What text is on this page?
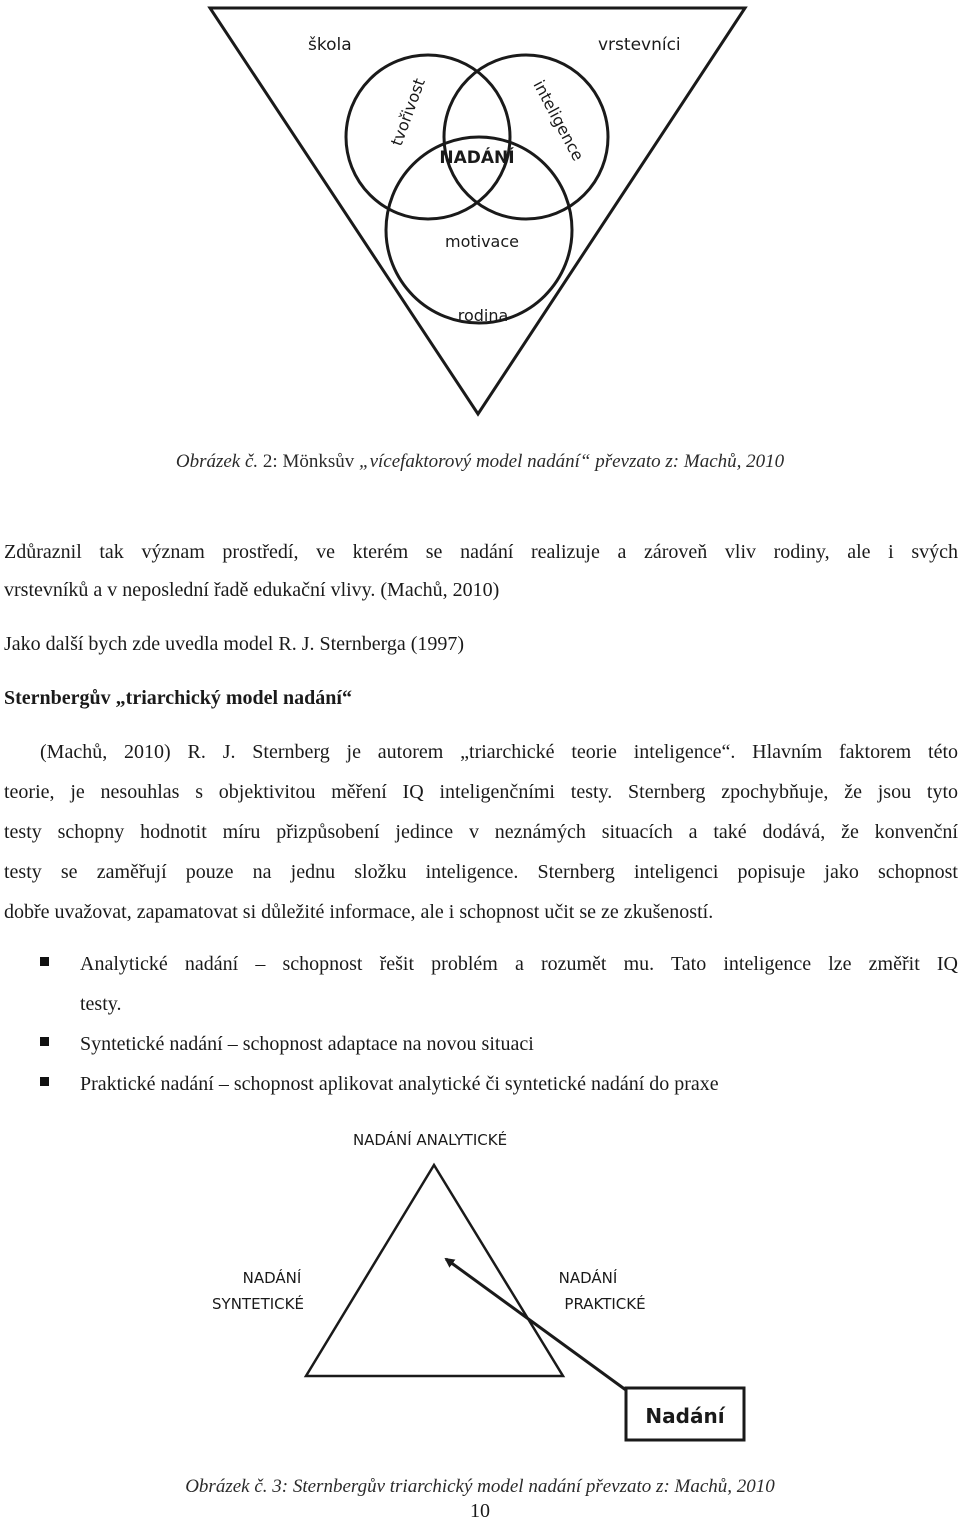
škola	vrstevníci
tvořivost	inteligence
NADÁNÍ
motivace
rodina
Obrázek č. 2: Mönksův „vícefaktorový model nadání“ převzato z: Machů, 2010
Zdůraznil tak význam prostředí, ve kterém se nadání realizuje a zároveň vliv rodiny, ale i svých
vrstevníků a v neposlední řadě edukační vlivy. (Machů, 2010)
Jako další bych zde uvedla model R. J. Sternberga (1997)
Sternbergův „triarchický model nadání“
(Machů, 2010) R. J. Sternberg je autorem „triarchické teorie inteligence“. Hlavním faktorem této
teorie, je nesouhlas s objektivitou měření IQ inteligenčními testy. Sternberg zpochybňuje, že jsou tyto
testy schopny hodnotit míru přizpůsobení jedince v neznámých situacích a také dodává, že konvenční
testy se zaměřují pouze na jednu složku inteligence. Sternberg inteligenci popisuje jako schopnost
dobře uvažovat, zapamatovat si důležité informace, ale i schopnost učit se ze zkušeností.
Analytické nadání – schopnost řešit problém a rozumět mu. Tato inteligence lze změřit IQ
testy.
Syntetické nadání – schopnost adaptace na novou situaci
Praktické nadání – schopnost aplikovat analytické či syntetické nadání do praxe
NADÁNÍ ANALYTICKÉ
NADÁNÍ
SYNTETICKÉ
NADÁNÍ
PRAKTICKÉ
Nadání
Obrázek č. 3: Sternbergův triarchický model nadání převzato z: Machů, 2010
10
